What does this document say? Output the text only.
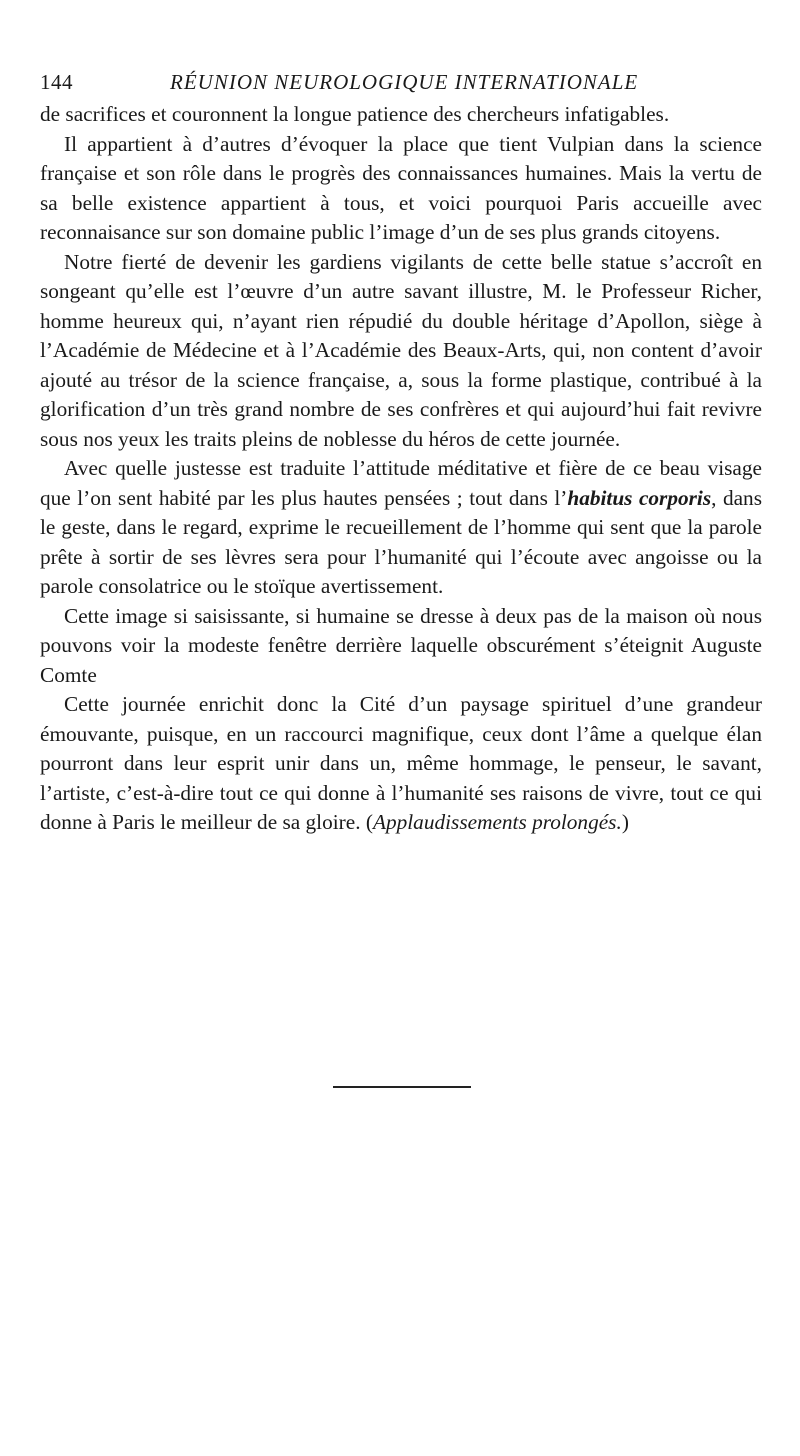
144	RÉUNION NEUROLOGIQUE INTERNATIONALE

de sacrifices et couronnent la longue patience des chercheurs infatigables.

Il appartient à d’autres d’évoquer la place que tient Vulpian dans la science française et son rôle dans le progrès des connaissances humaines. Mais la vertu de sa belle existence appartient à tous, et voici pourquoi Paris accueille avec reconnaisance sur son domaine public l’image d’un de ses plus grands citoyens.

Notre fierté de devenir les gardiens vigilants de cette belle statue s’accroît en songeant qu’elle est l’œuvre d’un autre savant illustre, M. le Professeur Richer, homme heureux qui, n’ayant rien répudié du double héritage d’Apollon, siège à l’Académie de Médecine et à l’Académie des Beaux-Arts, qui, non content d’avoir ajouté au trésor de la science française, a, sous la forme plastique, contribué à la glorification d’un très grand nombre de ses confrères et qui aujourd’hui fait revivre sous nos yeux les traits pleins de noblesse du héros de cette journée.

Avec quelle justesse est traduite l’attitude méditative et fière de ce beau visage que l’on sent habité par les plus hautes pensées ; tout dans l’habitus corporis, dans le geste, dans le regard, exprime le recueillement de l’homme qui sent que la parole prête à sortir de ses lèvres sera pour l’humanité qui l’écoute avec angoisse ou la parole consolatrice ou le stoïque avertissement.

Cette image si saisissante, si humaine se dresse à deux pas de la maison où nous pouvons voir la modeste fenêtre derrière laquelle obscurément s’éteignit Auguste Comte

Cette journée enrichit donc la Cité d’un paysage spirituel d’une grandeur émouvante, puisque, en un raccourci magnifique, ceux dont l’âme a quelque élan pourront dans leur esprit unir dans un, même hommage, le penseur, le savant, l’artiste, c’est-à-dire tout ce qui donne à l’humanité ses raisons de vivre, tout ce qui donne à Paris le meilleur de sa gloire. (Applaudissements prolongés.)
